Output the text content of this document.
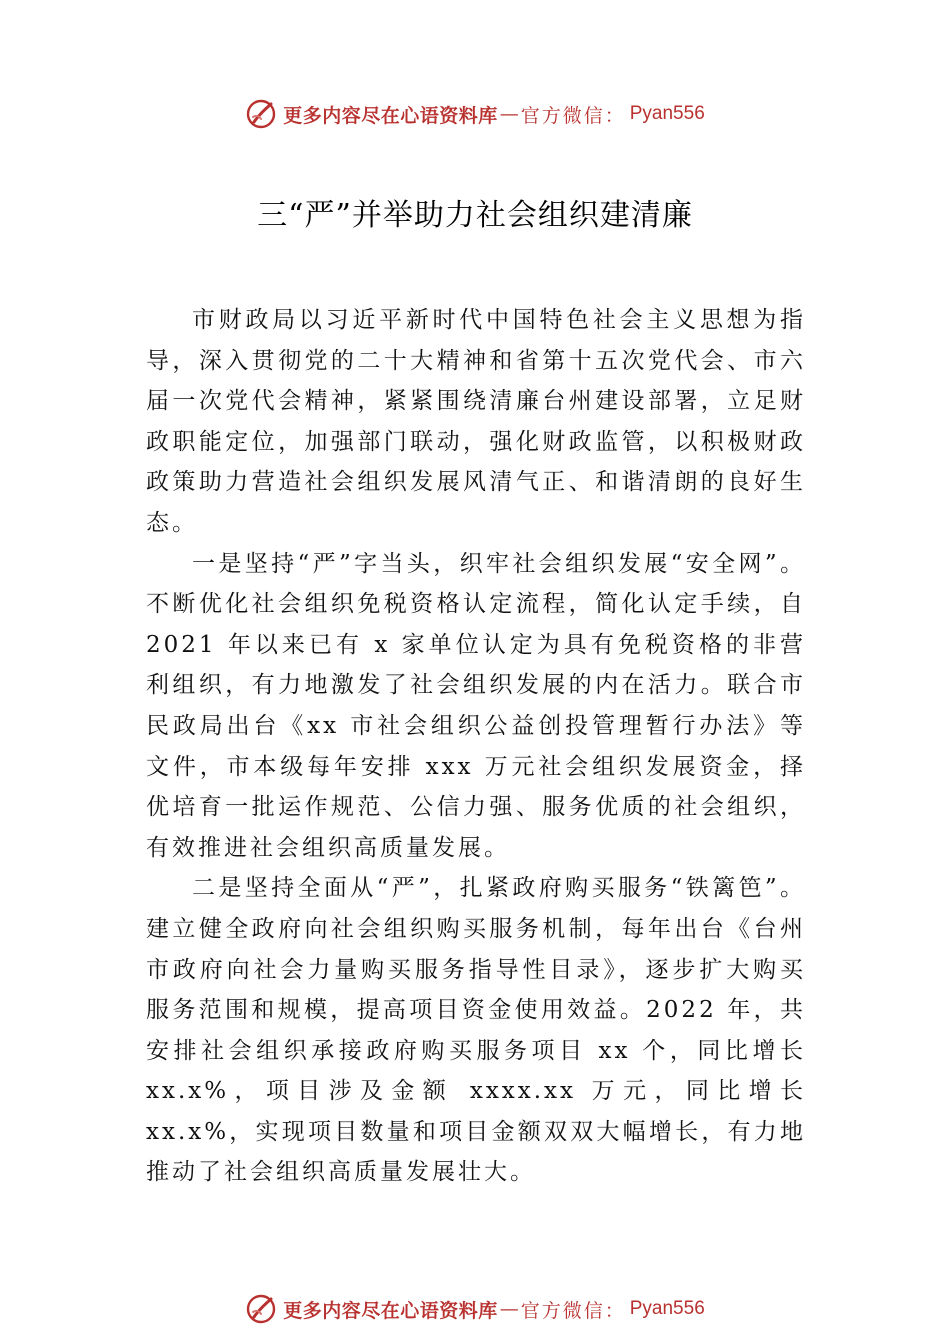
更多内容尽在心语资料库 — 官方微信： Pyan556
三“严”并举助力社会组织建清廉

市财政局以习近平新时代中国特色社会主义思想为指导，深入贯彻党的二十大精神和省第十五次党代会、市六届一次党代会精神，紧紧围绕清廉台州建设部署，立足财政职能定位，加强部门联动，强化财政监管，以积极财政政策助力营造社会组织发展风清气正、和谐清朗的良好生态。

一是坚持“严”字当头，织牢社会组织发展“安全网”。不断优化社会组织免税资格认定流程，简化认定手续，自 2021 年以来已有 x 家单位认定为具有免税资格的非营利组织，有力地激发了社会组织发展的内在活力。联合市民政局出台《xx 市社会组织公益创投管理暂行办法》等文件，市本级每年安排 xxx 万元社会组织发展资金，择优培育一批运作规范、公信力强、服务优质的社会组织，有效推进社会组织高质量发展。

二是坚持全面从“严”，扎紧政府购买服务“铁篱笆”。建立健全政府向社会组织购买服务机制，每年出台《台州市政府向社会力量购买服务指导性目录》，逐步扩大购买服务范围和规模，提高项目资金使用效益。2022 年，共安排社会组织承接政府购买服务项目 xx 个，同比增长 xx.x%，项目涉及金额 xxxx.xx 万元，同比增长 xx.x%，实现项目数量和项目金额双双大幅增长，有力地推动了社会组织高质量发展壮大。

更多内容尽在心语资料库 — 官方微信： Pyan556
